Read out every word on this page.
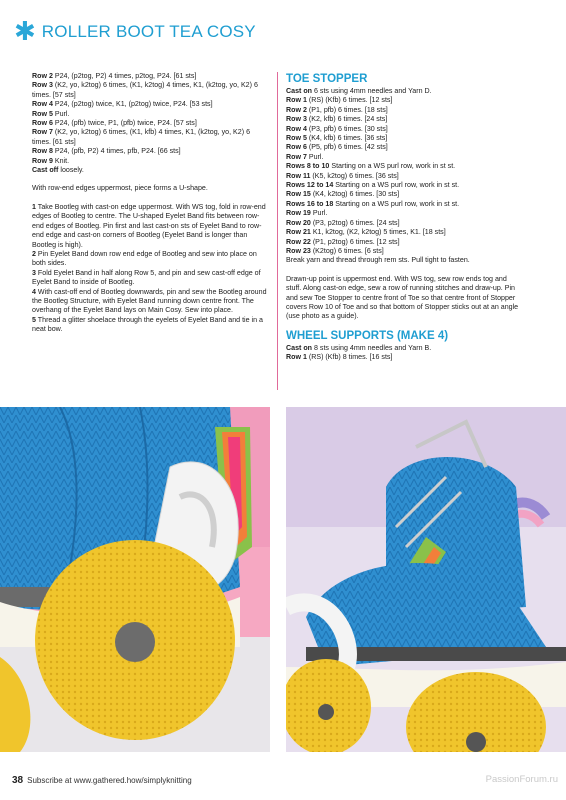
✱ ROLLER BOOT TEA COSY
Row 2 P24, (p2tog, P2) 4 times, p2tog, P24. [61 sts]
Row 3 (K2, yo, k2tog) 6 times, (K1, k2tog) 4 times, K1, (k2tog, yo, K2) 6 times. [57 sts]
Row 4 P24, (p2tog) twice, K1, (p2tog) twice, P24. [53 sts]
Row 5 Purl.
Row 6 P24, (pfb) twice, P1, (pfb) twice, P24. [57 sts]
Row 7 (K2, yo, k2tog) 6 times, (K1, kfb) 4 times, K1, (k2tog, yo, K2) 6 times. [61 sts]
Row 8 P24, (pfb, P2) 4 times, pfb, P24. [66 sts]
Row 9 Knit.
Cast off loosely.
With row-end edges uppermost, piece forms a U-shape.
1 Take Bootleg with cast-on edge uppermost. With WS tog, fold in row-end edges of Bootleg to centre. The U-shaped Eyelet Band fits between row-end edges of Bootleg. Pin first and last cast-on sts of Eyelet Band to row-end edge and cast-on corners of Bootleg (Eyelet Band is longer than Bootleg is high).
2 Pin Eyelet Band down row end edge of Bootleg and sew into place on both sides.
3 Fold Eyelet Band in half along Row 5, and pin and sew cast-off edge of Eyelet Band to inside of Bootleg.
4 With cast-off end of Bootleg downwards, pin and sew the Bootleg around the Bootleg Structure, with Eyelet Band running down centre front. The overhang of the Eyelet Band lays on Main Cosy. Sew into place.
5 Thread a glitter shoelace through the eyelets of Eyelet Band and tie in a neat bow.
TOE STOPPER
Cast on 6 sts using 4mm needles and Yarn D.
Row 1 (RS) (Kfb) 6 times. [12 sts]
Row 2 (P1, pfb) 6 times. [18 sts]
Row 3 (K2, kfb) 6 times. [24 sts]
Row 4 (P3, pfb) 6 times. [30 sts]
Row 5 (K4, kfb) 6 times. [36 sts]
Row 6 (P5, pfb) 6 times. [42 sts]
Row 7 Purl.
Rows 8 to 10 Starting on a WS purl row, work in st st.
Row 11 (K5, k2tog) 6 times. [36 sts]
Rows 12 to 14 Starting on a WS purl row, work in st st.
Row 15 (K4, k2tog) 6 times. [30 sts]
Rows 16 to 18 Starting on a WS purl row, work in st st.
Row 19 Purl.
Row 20 (P3, p2tog) 6 times. [24 sts]
Row 21 K1, k2tog, (K2, k2tog) 5 times, K1. [18 sts]
Row 22 (P1, p2tog) 6 times. [12 sts]
Row 23 (K2tog) 6 times. [6 sts]
Break yarn and thread through rem sts. Pull tight to fasten.
Drawn-up point is uppermost end. With WS tog, sew row ends tog and stuff. Along cast-on edge, sew a row of running stitches and draw-up. Pin and sew Toe Stopper to centre front of Toe so that centre front of Stopper covers Row 10 of Toe and so that bottom of Stopper sticks out at an angle (use photo as a guide).
WHEEL SUPPORTS (MAKE 4)
Cast on 8 sts using 4mm needles and Yarn B.
Row 1 (RS) (Kfb) 8 times. [16 sts]
38 Subscribe at www.gathered.how/simplyknitting	PassionForum.ru
